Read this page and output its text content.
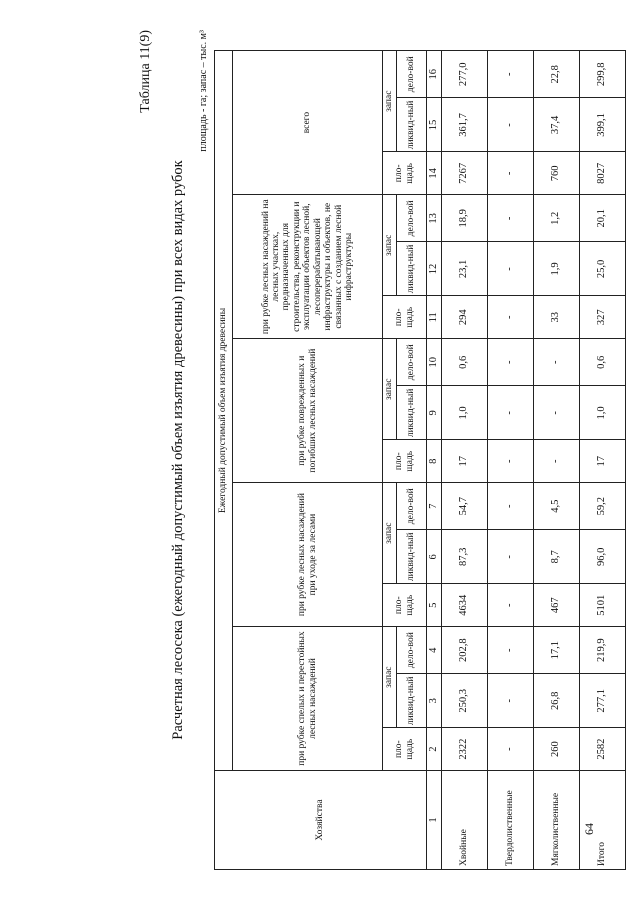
64
Таблица 11(9)
Расчетная лесосека (ежегодный допустимый объем изъятия древесины) при всех видах рубок
площадь - га; запас – тыс. м³
Хозяйства	Ежегодный допустимый объем изъятия древесины														
	при рубке спелых и перестойных лесных насаждений			при рубке лесных насаждений при уходе за лесами			при рубке поврежденных и погибших лесных насаждений			при рубке лесных насаждений на лесных участках, предназначенных для строительства, реконструкции и эксплуатации объектов лесной, лесоперерабатывающей инфраструктуры и объектов, не связанных с созданием лесной инфраструктуры			всего		
	пло-щадь	запас		пло-щадь	запас		пло-щадь	запас		пло-щадь	запас		пло-щадь	запас	
		ликвид-ный	дело-вой		ликвид-ный	дело-вой		ликвид-ный	дело-вой		ликвид-ный	дело-вой		ликвид-ный	дело-вой
1	2	3	4	5	6	7	8	9	10	11	12	13	14	15	16
Хвойные	2322	250,3	202,8	4634	87,3	54,7	17	1,0	0,6	294	23,1	18,9	7267	361,7	277,0
Твердолиственные	-	-	-	-	-	-	-	-	-	-	-	-	-	-	-
Мягколиственные	260	26,8	17,1	467	8,7	4,5	-	-	-	33	1,9	1,2	760	37,4	22,8
Итого	2582	277,1	219,9	5101	96,0	59,2	17	1,0	0,6	327	25,0	20,1	8027	399,1	299,8
